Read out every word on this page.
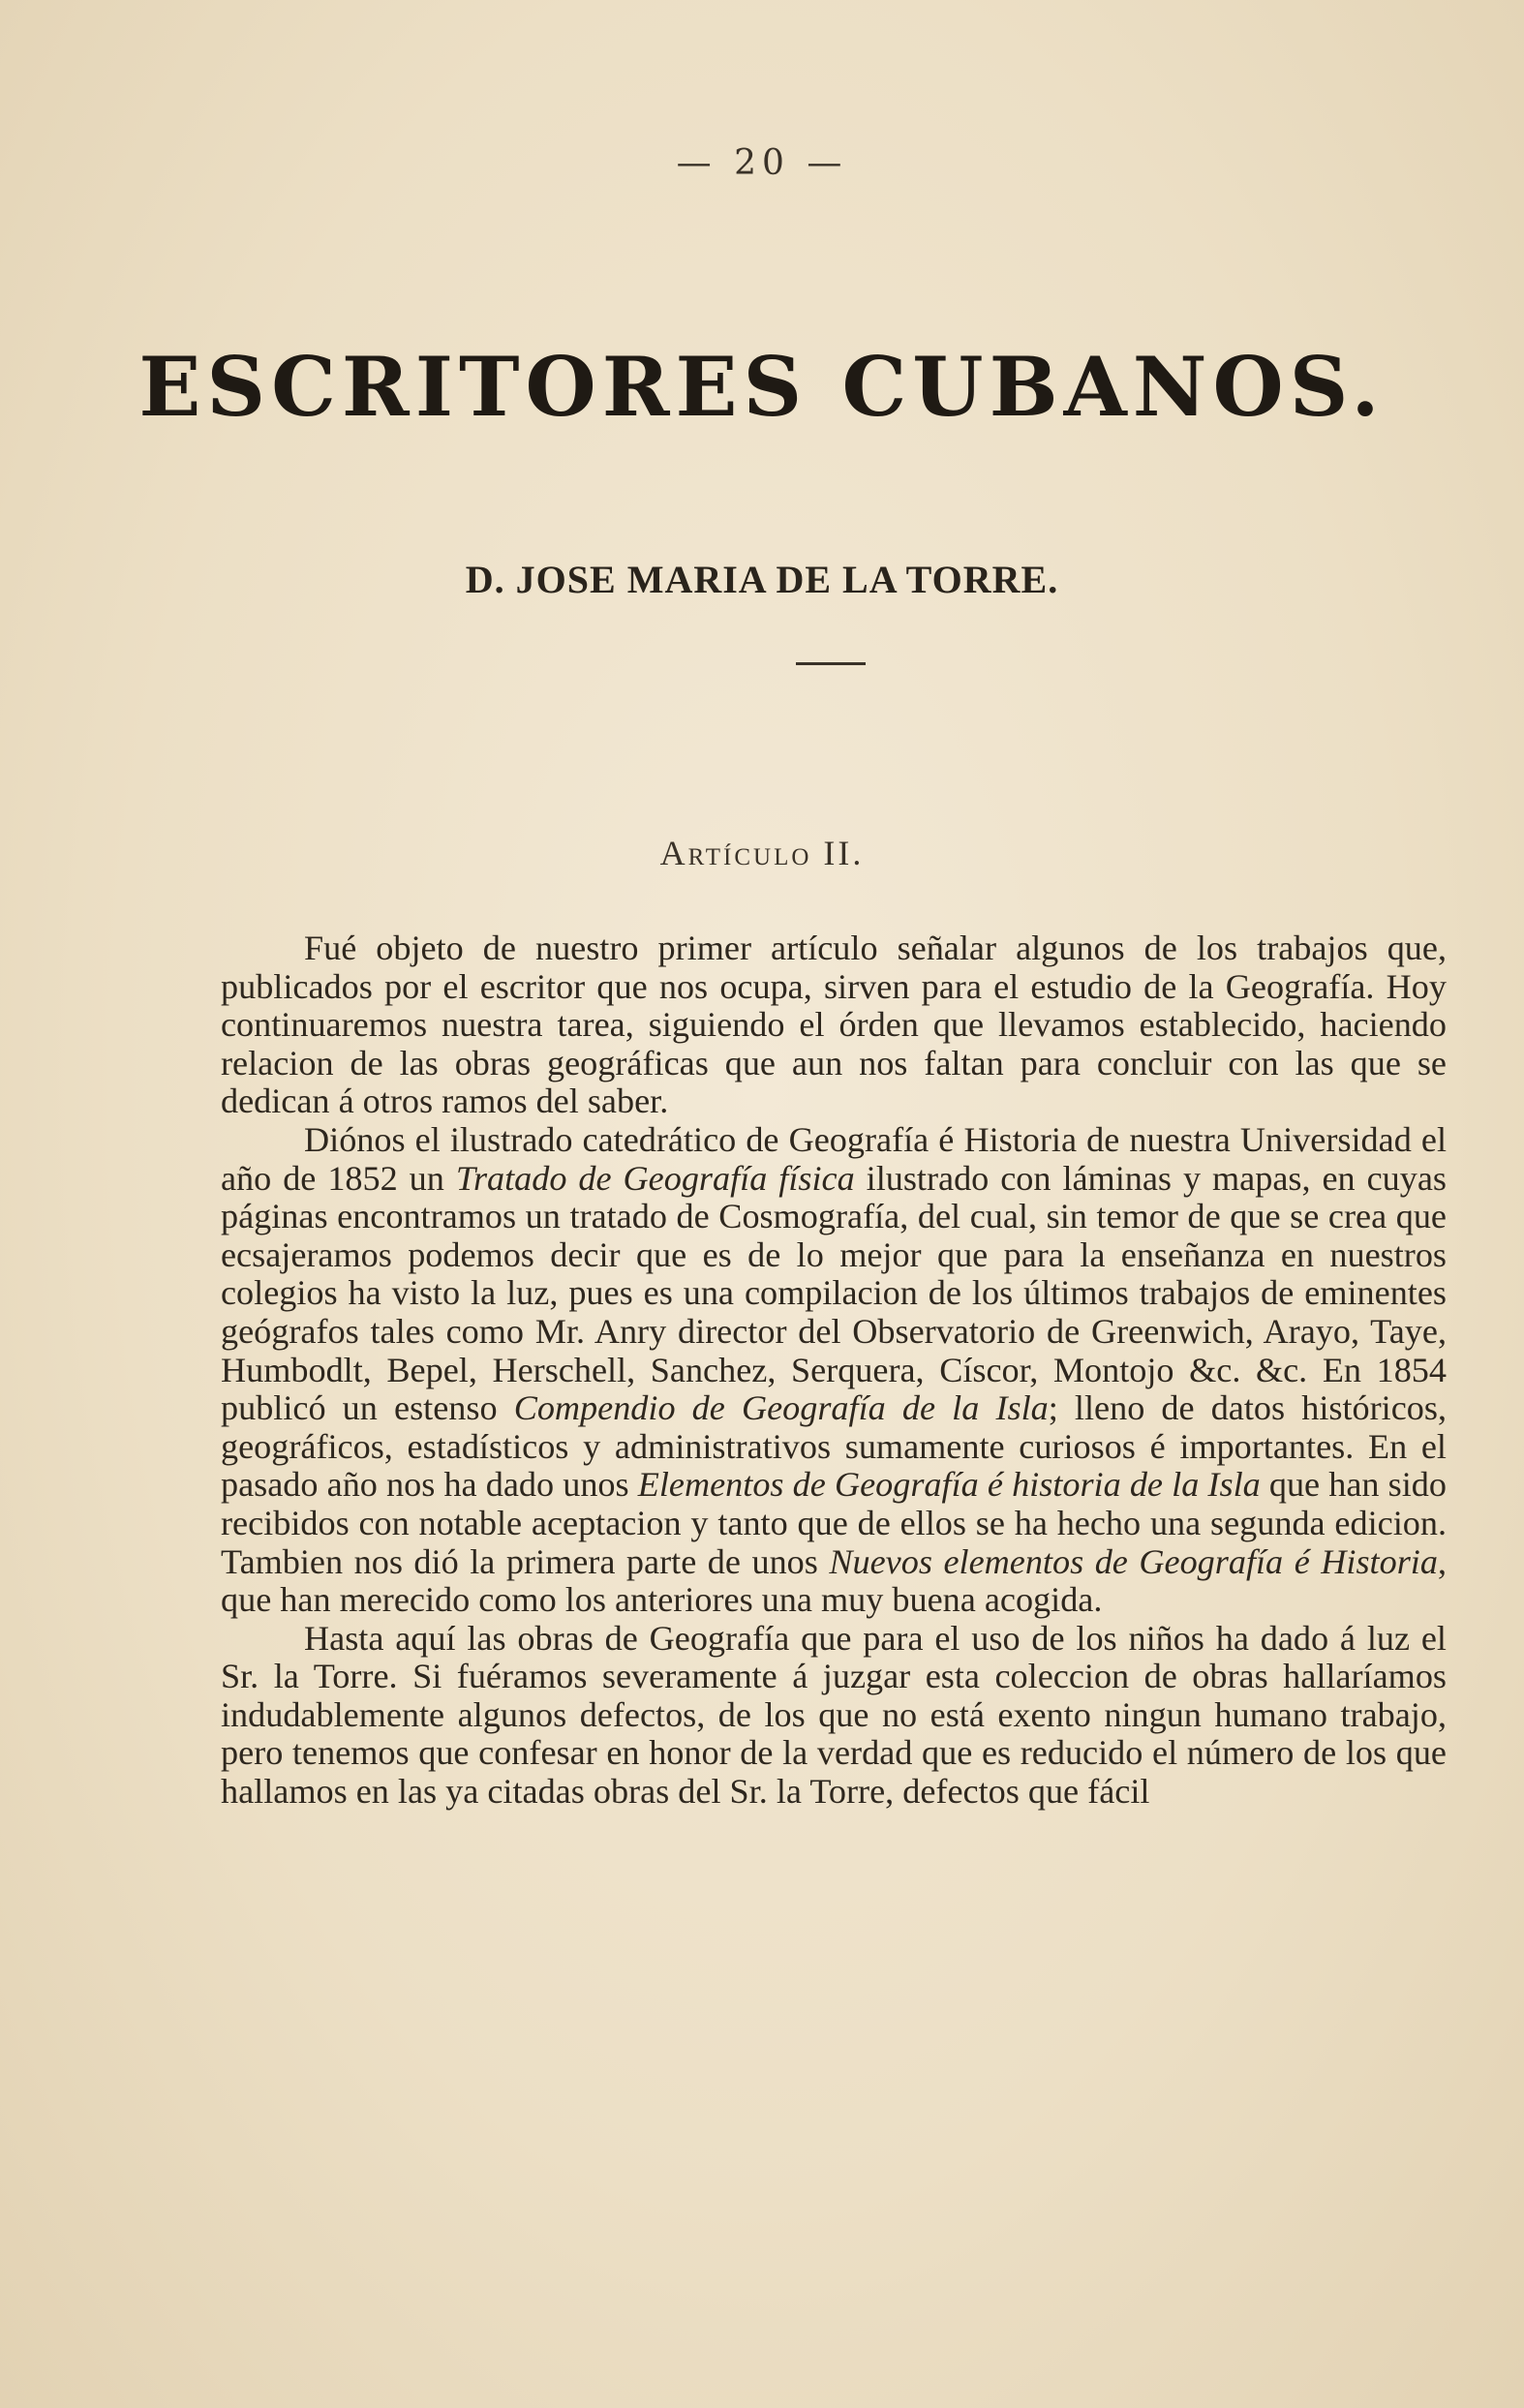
— 20 —
ESCRITORES CUBANOS.
D. JOSE MARIA DE LA TORRE.
Artículo II.

Fué objeto de nuestro primer artículo señalar algunos de los trabajos que, publicados por el escritor que nos ocupa, sirven para el estudio de la Geografía. Hoy continuaremos nuestra tarea, siguiendo el órden que llevamos establecido, haciendo relacion de las obras geográficas que aun nos faltan para concluir con las que se dedican á otros ramos del saber.

Diónos el ilustrado catedrático de Geografía é Historia de nuestra Universidad el año de 1852 un Tratado de Geografía física ilustrado con láminas y mapas, en cuyas páginas encontramos un tratado de Cosmografía, del cual, sin temor de que se crea que ecsajeramos podemos decir que es de lo mejor que para la enseñanza en nuestros colegios ha visto la luz, pues es una compilacion de los últimos trabajos de eminentes geógrafos tales como Mr. Anry director del Observatorio de Greenwich, Arayo, Taye, Humbodlt, Bepel, Herschell, Sanchez, Serquera, Císcor, Montojo &c. &c. En 1854 publicó un estenso Compendio de Geografía de la Isla; lleno de datos históricos, geográficos, estadísticos y administrativos sumamente curiosos é importantes. En el pasado año nos ha dado unos Elementos de Geografía é historia de la Isla que han sido recibidos con notable aceptacion y tanto que de ellos se ha hecho una segunda edicion. Tambien nos dió la primera parte de unos Nuevos elementos de Geografía é Historia, que han merecido como los anteriores una muy buena acogida.

Hasta aquí las obras de Geografía que para el uso de los niños ha dado á luz el Sr. la Torre. Si fuéramos severamente á juzgar esta coleccion de obras hallaríamos indudablemente algunos defectos, de los que no está exento ningun humano trabajo, pero tenemos que confesar en honor de la verdad que es reducido el número de los que hallamos en las ya citadas obras del Sr. la Torre, defectos que fácil
